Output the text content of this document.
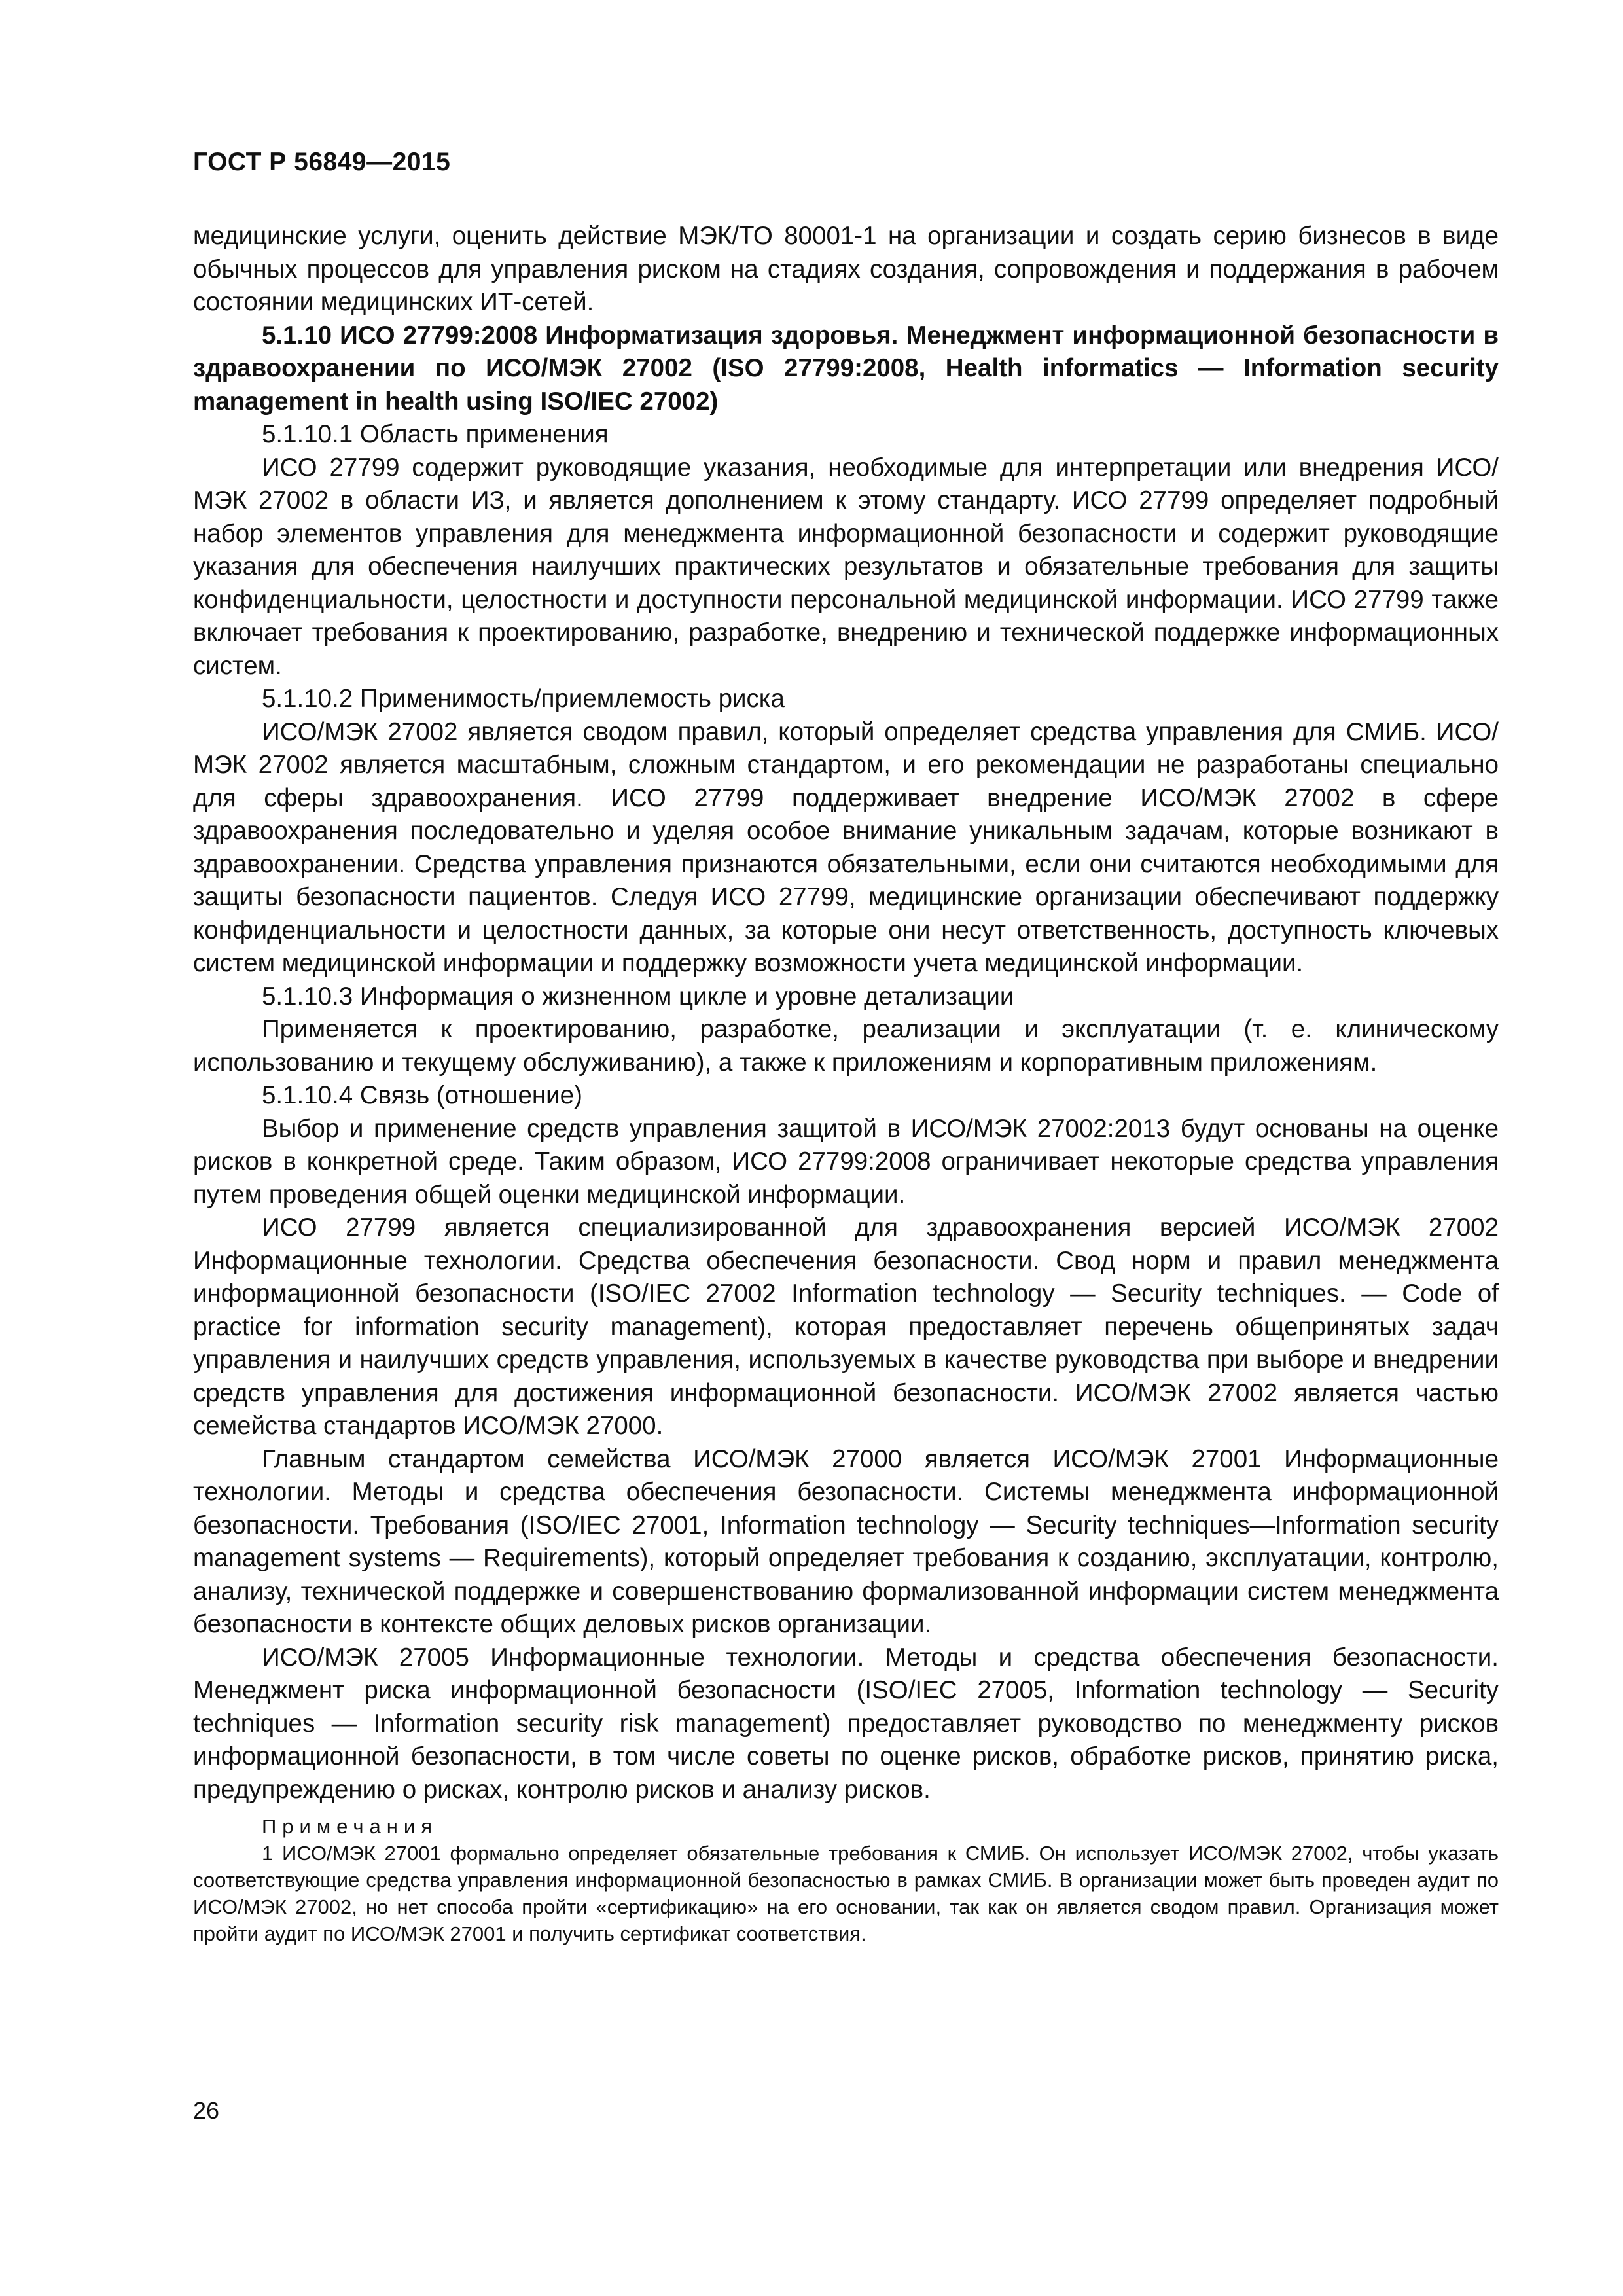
ГОСТ Р 56849—2015

медицинские услуги, оценить действие МЭК/ТО 80001-1 на организации и создать серию бизнесов в виде обычных процессов для управления риском на стадиях создания, сопровождения и поддержания в рабочем состоянии медицинских ИТ-сетей.

5.1.10 ИСО 27799:2008 Информатизация здоровья. Менеджмент информационной безопасности в здравоохранении по ИСО/МЭК 27002 (ISO 27799:2008, Health informatics — Information security management in health using ISO/IEC 27002)

5.1.10.1 Область применения

ИСО 27799 содержит руководящие указания, необходимые для интерпретации или внедрения ИСО/МЭК 27002 в области ИЗ, и является дополнением к этому стандарту. ИСО 27799 определяет подробный набор элементов управления для менеджмента информационной безопасности и содержит руководящие указания для обеспечения наилучших практических результатов и обязательные требования для защиты конфиденциальности, целостности и доступности персональной медицинской информации. ИСО 27799 также включает требования к проектированию, разработке, внедрению и технической поддержке информационных систем.

5.1.10.2 Применимость/приемлемость риска

ИСО/МЭК 27002 является сводом правил, который определяет средства управления для СМИБ. ИСО/МЭК 27002 является масштабным, сложным стандартом, и его рекомендации не разработаны специально для сферы здравоохранения. ИСО 27799 поддерживает внедрение ИСО/МЭК 27002 в сфере здравоохранения последовательно и уделяя особое внимание уникальным задачам, которые возникают в здравоохранении. Средства управления признаются обязательными, если они считаются необходимыми для защиты безопасности пациентов. Следуя ИСО 27799, медицинские организации обеспечивают поддержку конфиденциальности и целостности данных, за которые они несут ответственность, доступность ключевых систем медицинской информации и поддержку возможности учета медицинской информации.

5.1.10.3 Информация о жизненном цикле и уровне детализации

Применяется к проектированию, разработке, реализации и эксплуатации (т. е. клиническому использованию и текущему обслуживанию), а также к приложениям и корпоративным приложениям.

5.1.10.4 Связь (отношение)

Выбор и применение средств управления защитой в ИСО/МЭК 27002:2013 будут основаны на оценке рисков в конкретной среде. Таким образом, ИСО 27799:2008 ограничивает некоторые средства управления путем проведения общей оценки медицинской информации.

ИСО 27799 является специализированной для здравоохранения версией ИСО/МЭК 27002 Информационные технологии. Средства обеспечения безопасности. Свод норм и правил менеджмента информационной безопасности (ISO/IEC 27002 Information technology — Security techniques. — Code of practice for information security management), которая предоставляет перечень общепринятых задач управления и наилучших средств управления, используемых в качестве руководства при выборе и внедрении средств управления для достижения информационной безопасности. ИСО/МЭК 27002 является частью семейства стандартов ИСО/МЭК 27000.

Главным стандартом семейства ИСО/МЭК 27000 является ИСО/МЭК 27001 Информационные технологии. Методы и средства обеспечения безопасности. Системы менеджмента информационной безопасности. Требования (ISO/IEC 27001, Information technology — Security techniques—Information security management systems — Requirements), который определяет требования к созданию, эксплуатации, контролю, анализу, технической поддержке и совершенствованию формализованной информации систем менеджмента безопасности в контексте общих деловых рисков организации.

ИСО/МЭК 27005 Информационные технологии. Методы и средства обеспечения безопасности. Менеджмент риска информационной безопасности (ISO/IEC 27005, Information technology — Security techniques — Information security risk management) предоставляет руководство по менеджменту рисков информационной безопасности, в том числе советы по оценке рисков, обработке рисков, принятию риска, предупреждению о рисках, контролю рисков и анализу рисков.

Примечания

1 ИСО/МЭК 27001 формально определяет обязательные требования к СМИБ. Он использует ИСО/МЭК 27002, чтобы указать соответствующие средства управления информационной безопасностью в рамках СМИБ. В организации может быть проведен аудит по ИСО/МЭК 27002, но нет способа пройти «сертификацию» на его основании, так как он является сводом правил. Организация может пройти аудит по ИСО/МЭК 27001 и получить сертификат соответствия.

26
